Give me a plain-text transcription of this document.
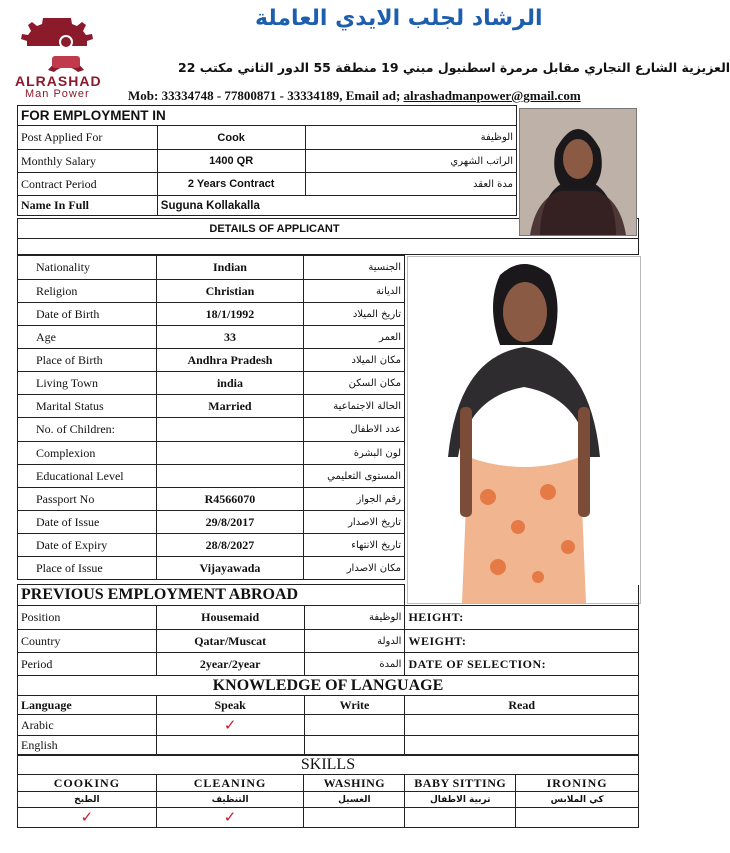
ALRASHAD
Man Power
الرشاد لجلب الايدي العاملة
العزيزية الشارع التجاري مقابل مرمرة اسطنبول مبني 19 منطقة 55 الدور الثاني مكتب 22
Mob: 33334748 - 77800871 - 33334189, Email ad; alrashadmanpower@gmail.com
FOR EMPLOYMENT IN		
Post Applied For	Cook	الوظيفة
Monthly Salary	1400 QR	الراتب الشهري
Contract Period	2 Years Contract	مدة العقد
Name In Full	Suguna Kollakalla	
DETAILS OF APPLICANT

Nationality	Indian	الجنسية
Religion	Christian	الديانة
Date of Birth	18/1/1992	تاريخ الميلاد
Age	33	العمر
Place of Birth	Andhra Pradesh	مكان الميلاد
Living Town	india	مكان السكن
Marital Status	Married	الحالة الاجتماعية
No. of Children:		عدد الاطفال
Complexion		لون البشرة
Educational Level		المستوى التعليمي
Passport No	R4566070	رقم الجواز
Date of Issue	29/8/2017	تاريخ الاصدار
Date of Expiry	28/8/2027	تاريخ الانتهاء
Place of Issue	Vijayawada	مكان الاصدار
PREVIOUS EMPLOYMENT ABROAD			
Position	Housemaid	الوظيفة	HEIGHT:
Country	Qatar/Muscat	الدولة	WEIGHT:
Period	2year/2year	المدة	DATE OF SELECTION:
KNOWLEDGE OF LANGUAGE			
Language	Speak	Write	Read
Arabic	✓		
English			
SKILLS				
COOKING	CLEANING	WASHING	BABY SITTING	IRONING
الطبخ	التنظيف	الغسيل	تربية الاطفال	كي الملابس
✓	✓			
